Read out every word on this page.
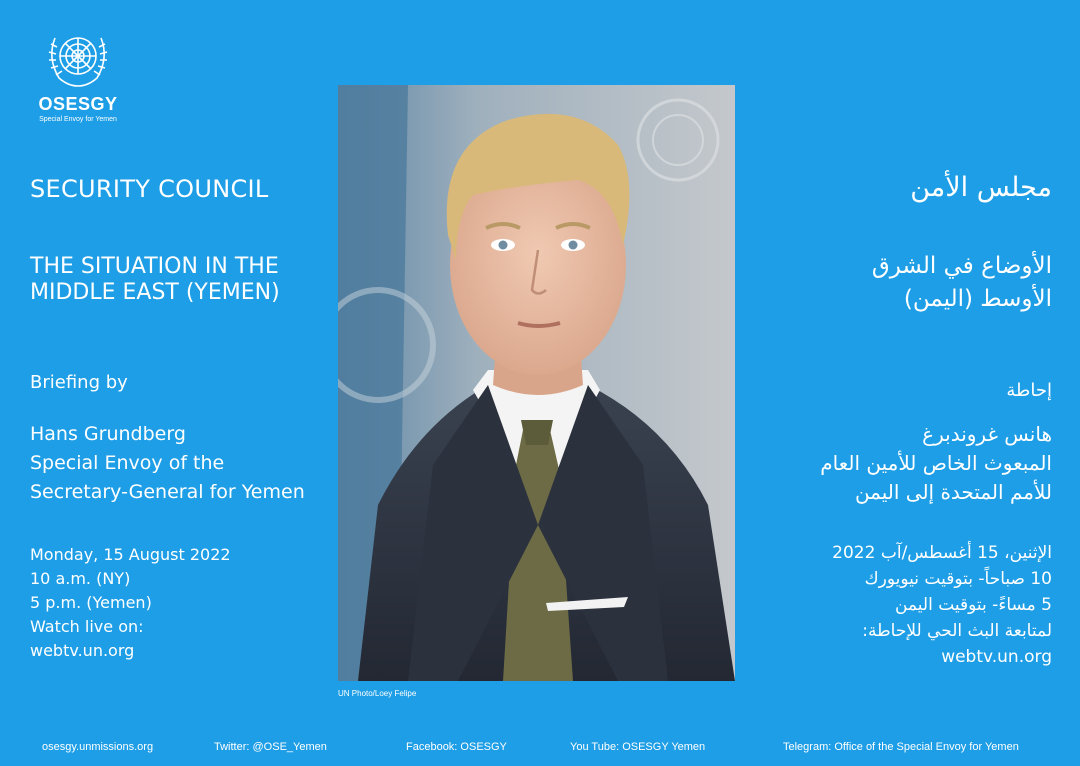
OSESGY
Special Envoy for Yemen
SECURITY COUNCIL
THE SITUATION IN THE
MIDDLE EAST (YEMEN)
Briefing by
Hans Grundberg
Special Envoy of the
Secretary-General for Yemen
Monday, 15 August 2022
10 a.m. (NY)
5 p.m. (Yemen)
Watch live on:
webtv.un.org
مجلس الأمن
الأوضاع في الشرق
الأوسط (اليمن)
إحاطة
هانس غروندبرغ
المبعوث الخاص للأمين العام
للأمم المتحدة إلى اليمن
الإثنين، 15 أغسطس/آب 2022
10 صباحاً- بتوقيت نيويورك
5 مساءً- بتوقيت اليمن
لمتابعة البث الحي للإحاطة:
webtv.un.org
UN Photo/Loey Felipe
osesgy.unmissions.org	Twitter: @OSE_Yemen	Facebook: OSESGY	You Tube: OSESGY Yemen	Telegram: Office of the Special Envoy for Yemen
